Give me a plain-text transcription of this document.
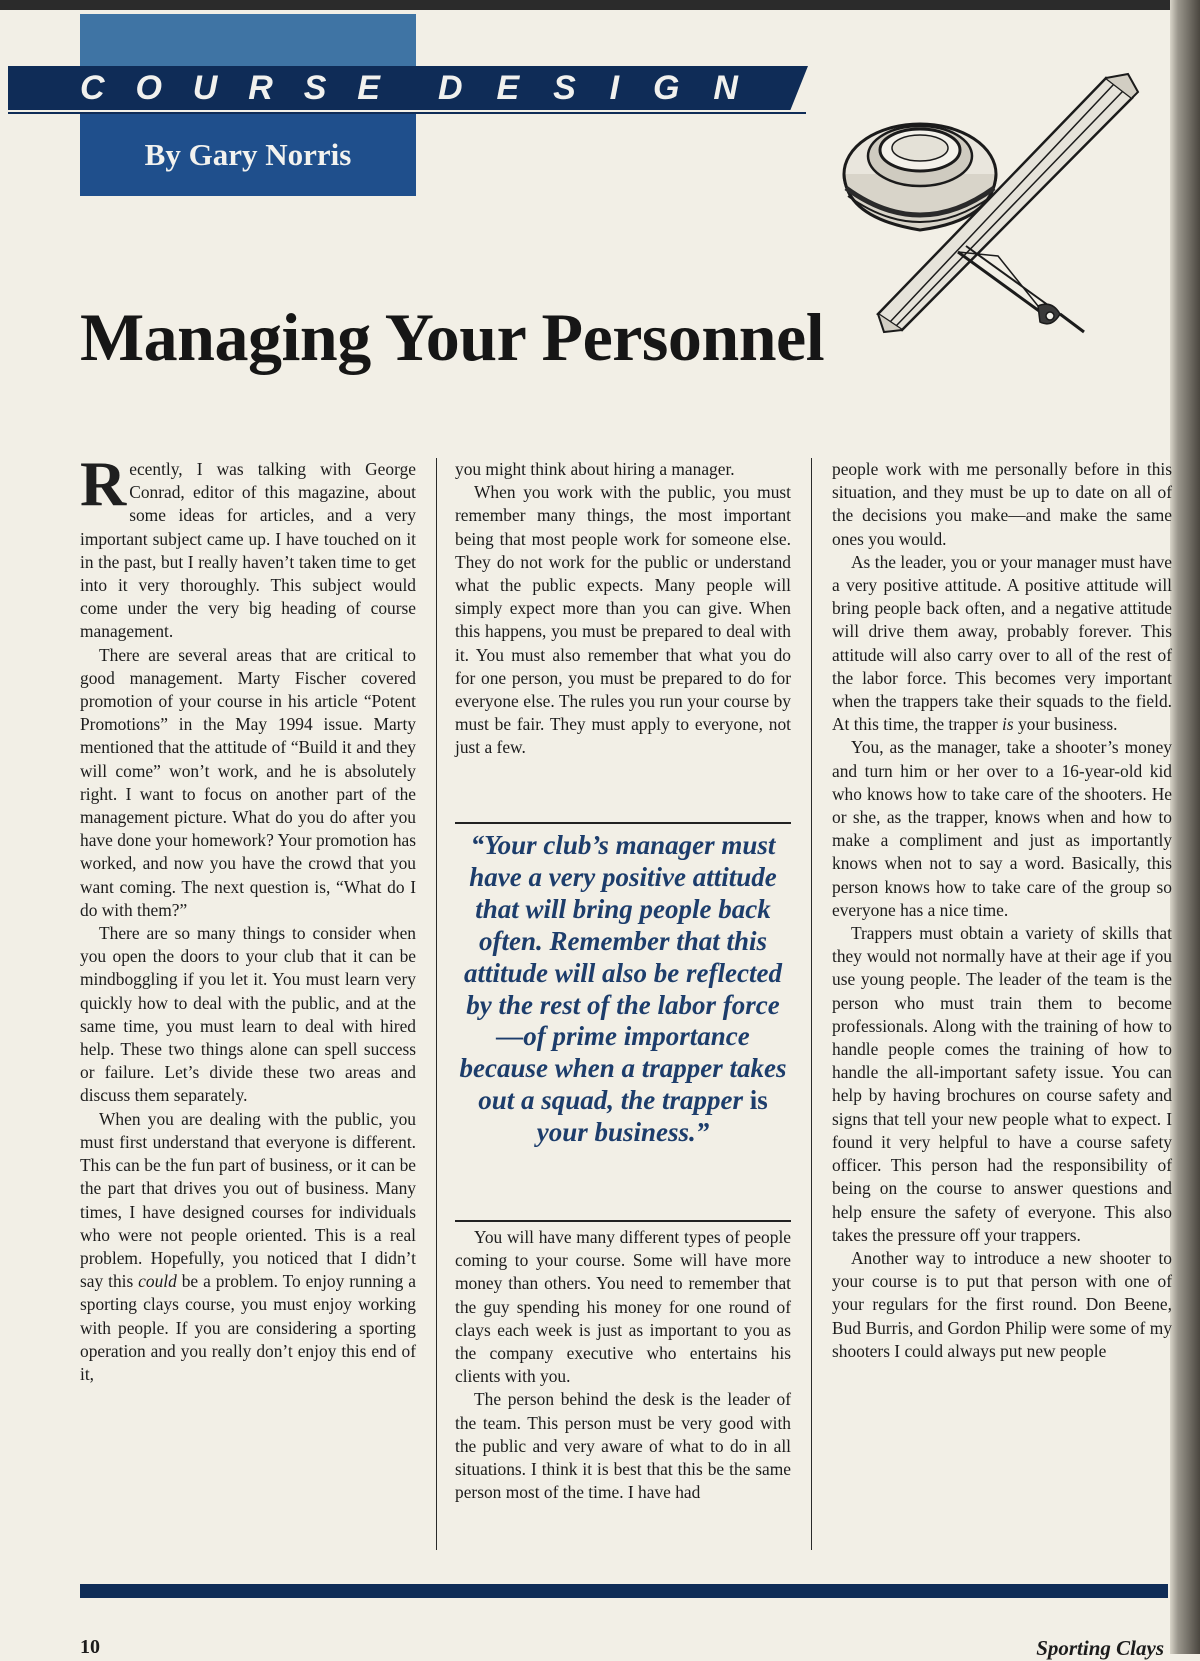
C O U R S E D E S I G N
By Gary Norris
Managing Your Personnel

Recently, I was talking with George Conrad, editor of this magazine, about some ideas for articles, and a very important subject came up. I have touched on it in the past, but I really haven’t taken time to get into it very thoroughly. This subject would come under the very big heading of course management.

There are several areas that are critical to good management. Marty Fischer covered promotion of your course in his article “Potent Promotions” in the May 1994 issue. Marty mentioned that the attitude of “Build it and they will come” won’t work, and he is absolutely right. I want to focus on another part of the management picture. What do you do after you have done your homework? Your promotion has worked, and now you have the crowd that you want coming. The next question is, “What do I do with them?”

There are so many things to consider when you open the doors to your club that it can be mindboggling if you let it. You must learn very quickly how to deal with the public, and at the same time, you must learn to deal with hired help. These two things alone can spell success or failure. Let’s divide these two areas and discuss them separately.

When you are dealing with the public, you must first understand that everyone is different. This can be the fun part of business, or it can be the part that drives you out of business. Many times, I have designed courses for individuals who were not people oriented. This is a real problem. Hopefully, you noticed that I didn’t say this could be a problem. To enjoy running a sporting clays course, you must enjoy working with people. If you are considering a sporting operation and you really don’t enjoy this end of it,

you might think about hiring a manager.

When you work with the public, you must remember many things, the most important being that most people work for someone else. They do not work for the public or understand what the public expects. Many people will simply expect more than you can give. When this happens, you must be prepared to deal with it. You must also remember that what you do for one person, you must be prepared to do for everyone else. The rules you run your course by must be fair. They must apply to everyone, not just a few.

“Your club’s manager must have a very positive attitude that will bring people back often. Remember that this attitude will also be reflected by the rest of the labor force—of prime importance because when a trapper takes out a squad, the trapper is your business.”

You will have many different types of people coming to your course. Some will have more money than others. You need to remember that the guy spending his money for one round of clays each week is just as important to you as the company executive who entertains his clients with you.

The person behind the desk is the leader of the team. This person must be very good with the public and very aware of what to do in all situations. I think it is best that this be the same person most of the time. I have had

people work with me personally before in this situation, and they must be up to date on all of the decisions you make—and make the same ones you would.

As the leader, you or your manager must have a very positive attitude. A positive attitude will bring people back often, and a negative attitude will drive them away, probably forever. This attitude will also carry over to all of the rest of the labor force. This becomes very important when the trappers take their squads to the field. At this time, the trapper is your business.

You, as the manager, take a shooter’s money and turn him or her over to a 16-year-old kid who knows how to take care of the shooters. He or she, as the trapper, knows when and how to make a compliment and just as importantly knows when not to say a word. Basically, this person knows how to take care of the group so everyone has a nice time.

Trappers must obtain a variety of skills that they would not normally have at their age if you use young people. The leader of the team is the person who must train them to become professionals. Along with the training of how to handle people comes the training of how to handle the all-important safety issue. You can help by having brochures on course safety and signs that tell your new people what to expect. I found it very helpful to have a course safety officer. This person had the responsibility of being on the course to answer questions and help ensure the safety of everyone. This also takes the pressure off your trappers.

Another way to introduce a new shooter to your course is to put that person with one of your regulars for the first round. Don Beene, Bud Burris, and Gordon Philip were some of my shooters I could always put new people

10	Sporting Clays
